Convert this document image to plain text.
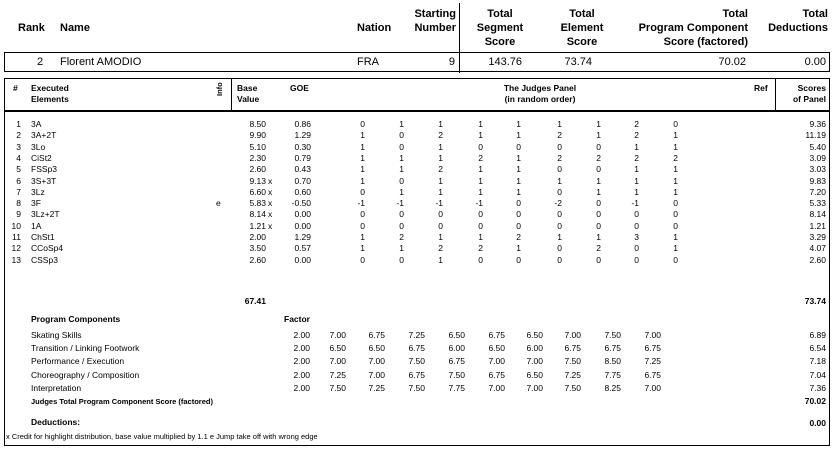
Rank Name	Nation
Starting
Number
Total
Segment
Score
Total
Element
Score
Total
Program Component
Score (factored)
Total
Deductions
2	Florent AMODIO	FRA	9	143.76	73.74	70.02	0.00
# Executed
Elements
Info Base
Value
GOE	The Judges Panel
(in random order)
Ref	Scores
of Panel
1 3A	8.50	0.86	0	1	1	1	1	1	1	2	0	9.36
2 3A+2T	9.90	1.29	1	0	2	1	1	2	1	2	1	11.19
3 3Lo	5.10	0.30	1	0	1	0	0	0	0	1	1	5.40
4 CiSt2	2.30	0.79	1	1	1	2	1	2	2	2	2	3.09
5 FSSp3	2.60	0.43	1	1	2	1	1	0	0	1	1	3.03
6 3S+3T	9.13 x	0.70	1	0	1	1	1	1	1	1	1	9.83
7 3Lz	6.60 x	0.60	0	1	1	1	1	0	1	1	1	7.20
8 3F	e	5.83 x	-0.50	-1	-1	-1	-1	0	-2	0	-1	0	5.33
9 3Lz+2T	8.14 x	0.00	0	0	0	0	0	0	0	0	0	8.14
10 1A	1.21 x	0.00	0	0	0	0	0	0	0	0	0	1.21
11 ChSt1	2.00	1.29	1	2	1	1	2	1	1	3	1	3.29
12 CCoSp4	3.50	0.57	1	1	2	2	1	0	2	0	1	4.07
13 CSSp3	2.60	0.00	0	0	1	0	0	0	0	0	0	2.60
67.41	73.74
Program Components	Factor
Skating Skills	2.00	7.00	6.75	7.25	6.50	6.75	6.50	7.00	7.50	7.00	6.89
Transition / Linking Footwork	2.00	6.50	6.50	6.75	6.00	6.50	6.00	6.75	6.75	6.75	6.54
Performance / Execution	2.00	7.00	7.00	7.50	6.75	7.00	7.00	7.50	8.50	7.25	7.18
Choreography / Composition	2.00	7.25	7.00	6.75	7.50	6.75	6.50	7.25	7.75	6.75	7.04
Interpretation	2.00	7.50	7.25	7.50	7.75	7.00	7.00	7.50	8.25	7.00	7.36
Judges Total Program Component Score (factored)	70.02
Deductions:	0.00
x Credit for highlight distribution, base value multiplied by 1.1 e Jump take off with wrong edge
